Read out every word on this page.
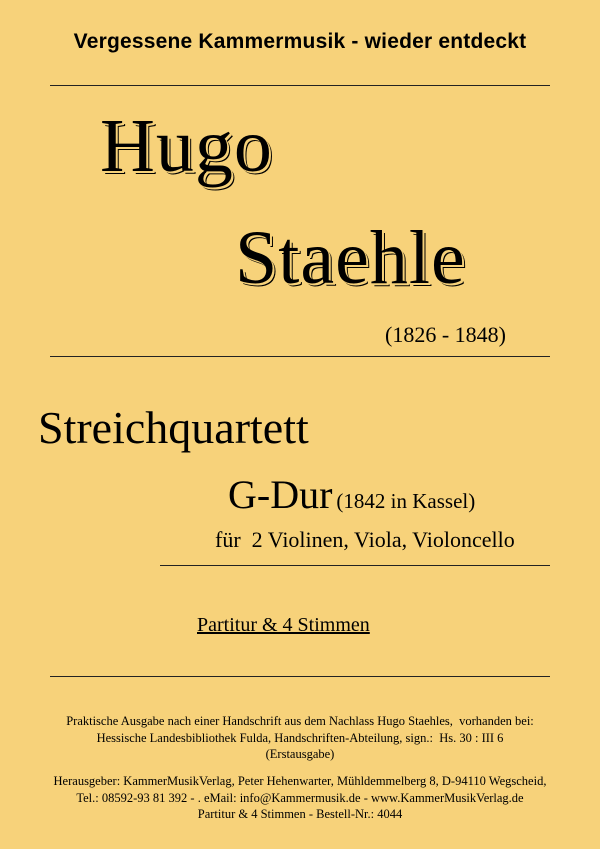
Vergessene Kammermusik - wieder entdeckt
Hugo
Staehle
(1826 - 1848)
Streichquartett
G-Dur (1842 in Kassel)
für  2 Violinen, Viola, Violoncello
Partitur & 4 Stimmen
Praktische Ausgabe nach einer Handschrift aus dem Nachlass Hugo Staehles,  vorhanden bei:
Hessische Landesbibliothek Fulda, Handschriften-Abteilung, sign.:  Hs. 30 : III 6
(Erstausgabe)
Herausgeber: KammerMusikVerlag, Peter Hehenwarter, Mühldemmelberg 8, D-94110 Wegscheid,
Tel.: 08592-93 81 392 - . eMail: info@Kammermusik.de - www.KammerMusikVerlag.de
Partitur & 4 Stimmen - Bestell-Nr.: 4044
